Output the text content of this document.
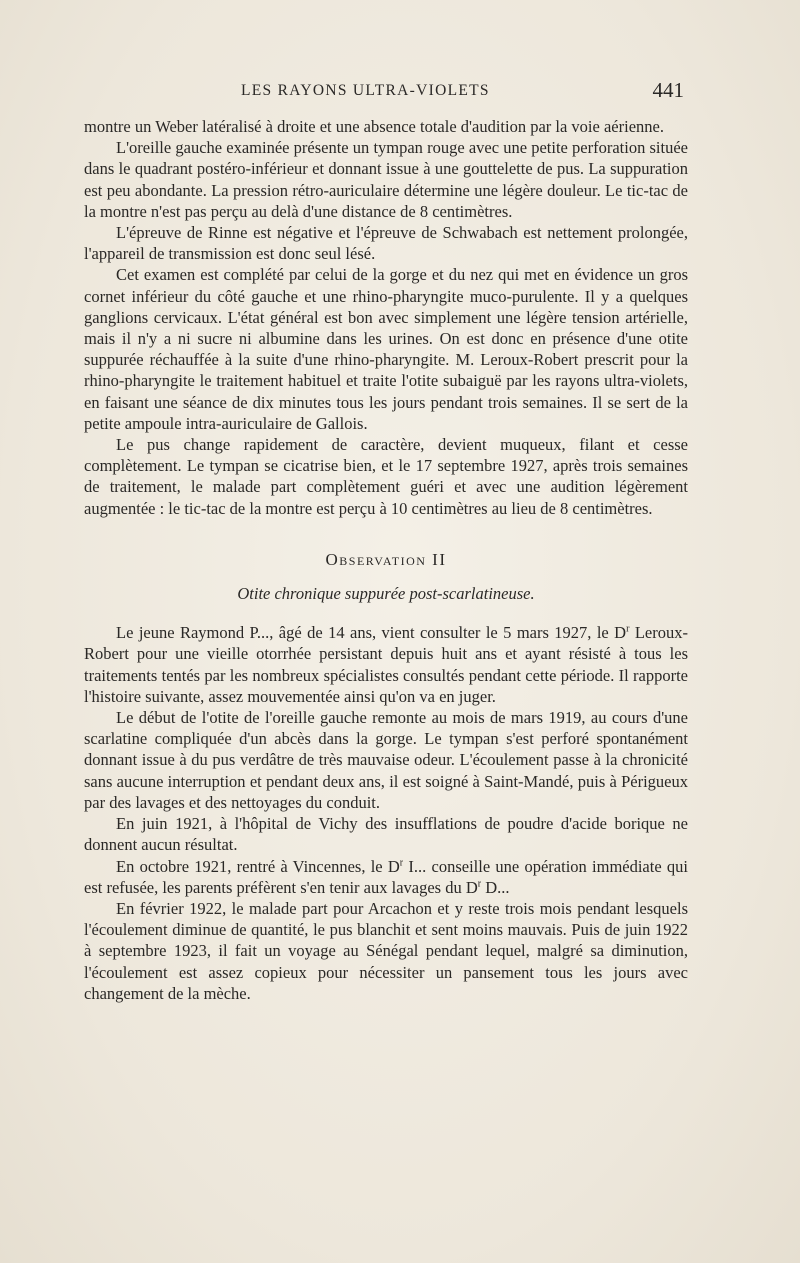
LES RAYONS ULTRA-VIOLETS	441

montre un Weber latéralisé à droite et une absence totale d'audition par la voie aérienne.

L'oreille gauche examinée présente un tympan rouge avec une petite perforation située dans le quadrant postéro-inférieur et donnant issue à une gouttelette de pus. La suppuration est peu abondante. La pression rétro-auriculaire détermine une légère douleur. Le tic-tac de la montre n'est pas perçu au delà d'une distance de 8 centimètres.

L'épreuve de Rinne est négative et l'épreuve de Schwabach est nettement prolongée, l'appareil de transmission est donc seul lésé.

Cet examen est complété par celui de la gorge et du nez qui met en évidence un gros cornet inférieur du côté gauche et une rhino-pharyngite muco-purulente. Il y a quelques ganglions cervicaux. L'état général est bon avec simplement une légère tension artérielle, mais il n'y a ni sucre ni albumine dans les urines. On est donc en présence d'une otite suppurée réchauffée à la suite d'une rhino-pharyngite. M. Leroux-Robert prescrit pour la rhino-pharyngite le traitement habituel et traite l'otite subaiguë par les rayons ultra-violets, en faisant une séance de dix minutes tous les jours pendant trois semaines. Il se sert de la petite ampoule intra-auriculaire de Gallois.

Le pus change rapidement de caractère, devient muqueux, filant et cesse complètement. Le tympan se cicatrise bien, et le 17 septembre 1927, après trois semaines de traitement, le malade part complètement guéri et avec une audition légèrement augmentée : le tic-tac de la montre est perçu à 10 centimètres au lieu de 8 centimètres.

Observation II

Otite chronique suppurée post-scarlatineuse.

Le jeune Raymond P..., âgé de 14 ans, vient consulter le 5 mars 1927, le $D^r$ Leroux-Robert pour une vieille otorrhée persistant depuis huit ans et ayant résisté à tous les traitements tentés par les nombreux spécialistes consultés pendant cette période. Il rapporte l'histoire suivante, assez mouvementée ainsi qu'on va en juger.

Le début de l'otite de l'oreille gauche remonte au mois de mars 1919, au cours d'une scarlatine compliquée d'un abcès dans la gorge. Le tympan s'est perforé spontanément donnant issue à du pus verdâtre de très mauvaise odeur. L'écoulement passe à la chronicité sans aucune interruption et pendant deux ans, il est soigné à Saint-Mandé, puis à Périgueux par des lavages et des nettoyages du conduit.

En juin 1921, à l'hôpital de Vichy des insufflations de poudre d'acide borique ne donnent aucun résultat.

En octobre 1921, rentré à Vincennes, le $D^r$ I... conseille une opération immédiate qui est refusée, les parents préfèrent s'en tenir aux lavages du $D^r$ D...

En février 1922, le malade part pour Arcachon et y reste trois mois pendant lesquels l'écoulement diminue de quantité, le pus blanchit et sent moins mauvais. Puis de juin 1922 à septembre 1923, il fait un voyage au Sénégal pendant lequel, malgré sa diminution, l'écoulement est assez copieux pour nécessiter un pansement tous les jours avec changement de la mèche.
